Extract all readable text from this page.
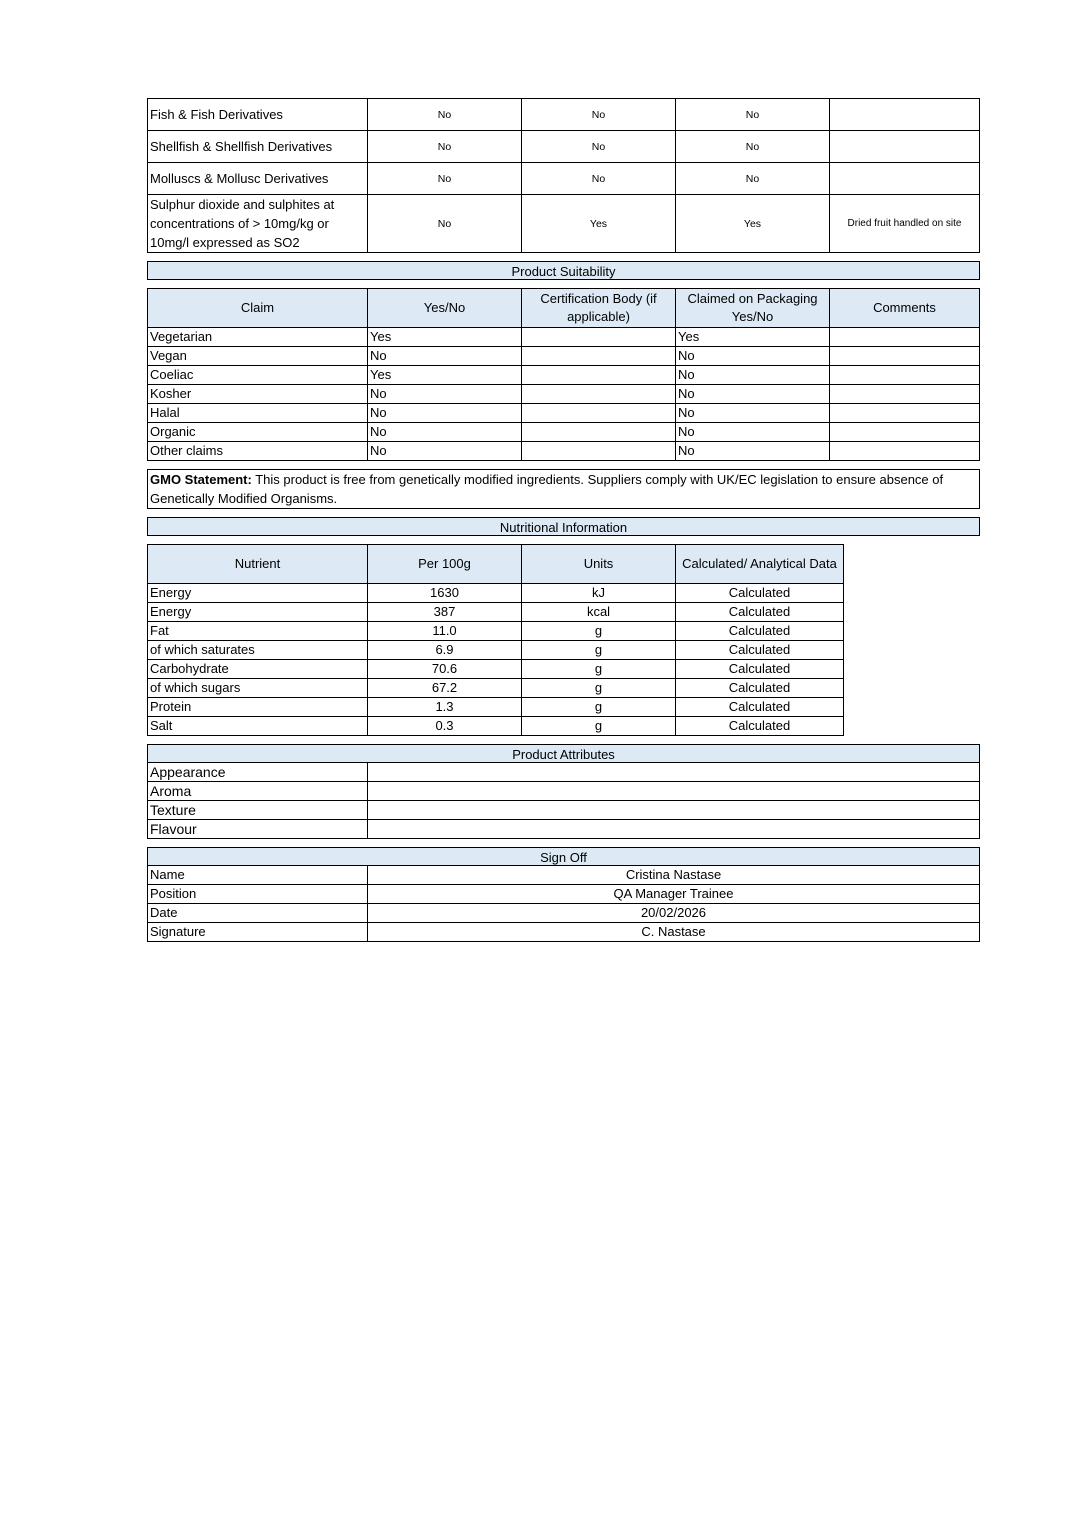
Fish & Fish Derivatives	No	No	No	
Shellfish & Shellfish Derivatives	No	No	No	
Molluscs & Mollusc Derivatives	No	No	No	
Sulphur dioxide and sulphites at concentrations of > 10mg/kg or 10mg/l expressed as SO2	No	Yes	Yes	Dried fruit handled on site
Product Suitability
Claim	Yes/No	Certification Body (if applicable)	Claimed on Packaging Yes/No	Comments
Vegetarian	Yes		Yes	
Vegan	No		No	
Coeliac	Yes		No	
Kosher	No		No	
Halal	No		No	
Organic	No		No	
Other claims	No		No	
GMO Statement: This product is free from genetically modified ingredients. Suppliers comply with UK/EC legislation to ensure absence of Genetically Modified Organisms.
Nutritional Information
Nutrient	Per 100g	Units	Calculated/ Analytical Data
Energy	1630	kJ	Calculated
Energy	387	kcal	Calculated
Fat	11.0	g	Calculated
of which saturates	6.9	g	Calculated
Carbohydrate	70.6	g	Calculated
of which sugars	67.2	g	Calculated
Protein	1.3	g	Calculated
Salt	0.3	g	Calculated
Product Attributes
Appearance	
Aroma	
Texture	
Flavour	
Sign Off
Name	Cristina Nastase
Position	QA Manager Trainee
Date	20/02/2026
Signature	C. Nastase
